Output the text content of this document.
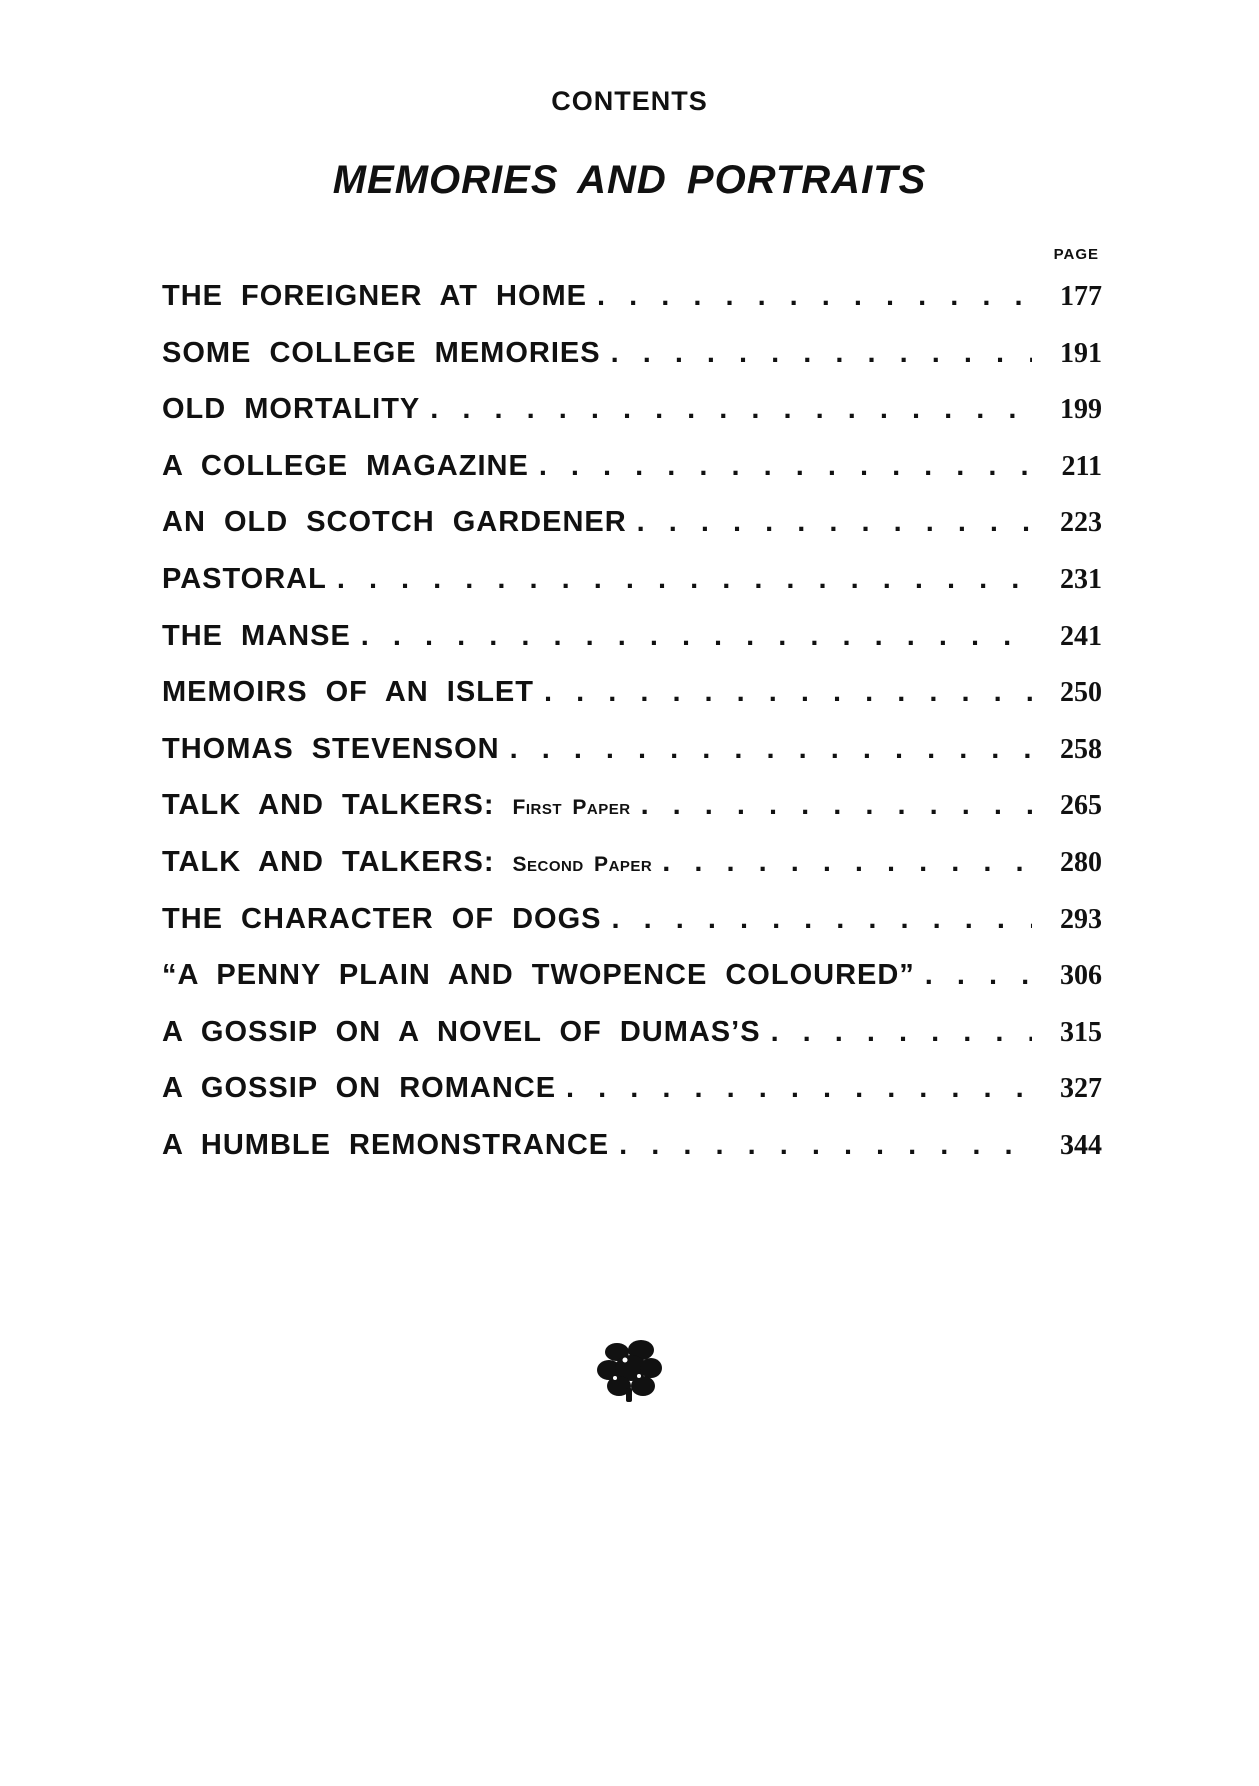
CONTENTS
MEMORIES AND PORTRAITS
PAGE
THE FOREIGNER AT HOME . . .	177
SOME COLLEGE MEMORIES . . .	191
OLD MORTALITY . . .	199
A COLLEGE MAGAZINE . . .	211
AN OLD SCOTCH GARDENER . . .	223
PASTORAL . . .	231
THE MANSE . . .	241
MEMOIRS OF AN ISLET . . .	250
THOMAS STEVENSON . . .	258
TALK AND TALKERS: First Paper . . .	265
TALK AND TALKERS: Second Paper . . .	280
THE CHARACTER OF DOGS . . .	293
“A PENNY PLAIN AND TWOPENCE COLOURED” . . .	306
A GOSSIP ON A NOVEL OF DUMAS’S . . .	315
A GOSSIP ON ROMANCE . . .	327
A HUMBLE REMONSTRANCE . . .	344
